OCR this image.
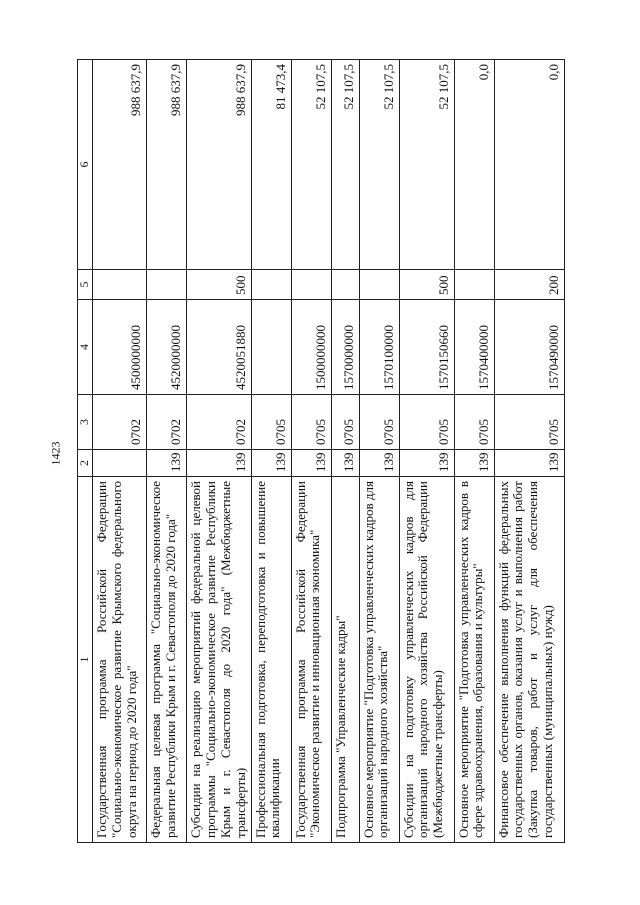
1423
1	2	3	4	5	6
Государственная программа Российской Федерации "Социально-экономическое развитие Крымского федерального округа на период до 2020 года"		0702	4500000000		988 637,9
Федеральная целевая программа "Социально-экономическое развитие Республики Крым и г. Севастополя до 2020 года"	139	0702	4520000000		988 637,9
Субсидии на реализацию мероприятий федеральной целевой программы "Социально-экономическое развитие Республики Крым и г. Севастополя до 2020 года" (Межбюджетные трансферты)	139	0702	4520051880	500	988 637,9
Профессиональная подготовка, переподготовка и повышение квалификации	139	0705			81 473,4
Государственная программа Российской Федерации "Экономическое развитие и инновационная экономика"	139	0705	1500000000		52 107,5
Подпрограмма "Управленческие кадры"	139	0705	1570000000		52 107,5
Основное мероприятие "Подготовка управленческих кадров для организаций народного хозяйства"	139	0705	1570100000		52 107,5
Субсидии на подготовку управленческих кадров для организаций народного хозяйства Российской Федерации (Межбюджетные трансферты)	139	0705	1570150660	500	52 107,5
Основное мероприятие "Подготовка управленческих кадров в сфере здравоохранения, образования и культуры"	139	0705	1570400000		0,0
Финансовое обеспечение выполнения функций федеральных государственных органов, оказания услуг и выполнения работ (Закупка товаров, работ и услуг для обеспечения государственных (муниципальных) нужд)	139	0705	1570490000	200	0,0
